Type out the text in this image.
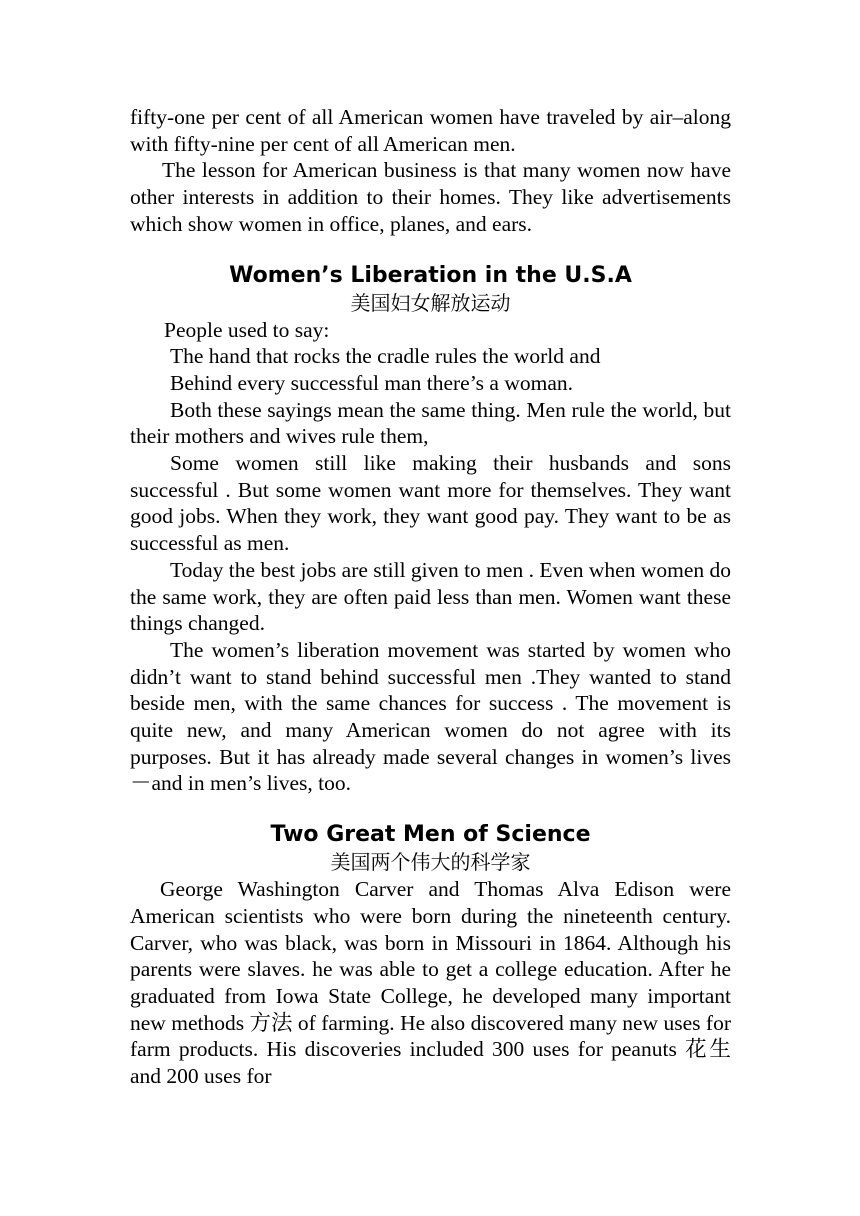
fifty-one per cent of all American women have traveled by air–along with fifty-nine per cent of all American men.

The lesson for American business is that many women now have other interests in addition to their homes. They like advertisements which show women in office, planes, and ears.

Women’s Liberation in the U.S.A
美国妇女解放运动

People used to say:

The hand that rocks the cradle rules the world and

Behind every successful man there’s a woman.

Both these sayings mean the same thing. Men rule the world, but their mothers and wives rule them,

Some women still like making their husbands and sons successful . But some women want more for themselves. They want good jobs. When they work, they want good pay. They want to be as successful as men.

Today the best jobs are still given to men . Even when women do the same work, they are often paid less than men. Women want these things changed.

The women’s liberation movement was started by women who didn’t want to stand behind successful men .They wanted to stand beside men, with the same chances for success . The movement is quite new, and many American women do not agree with its purposes. But it has already made several changes in women’s lives－and in men’s lives, too.

Two Great Men of Science
美国两个伟大的科学家

George Washington Carver and Thomas Alva Edison were American scientists who were born during the nineteenth century. Carver, who was black, was born in Missouri in 1864. Although his parents were slaves. he was able to get a college education. After he graduated from Iowa State College, he developed many important new methods 方法 of farming. He also discovered many new uses for farm products. His discoveries included 300 uses for peanuts 花生 and 200 uses for
